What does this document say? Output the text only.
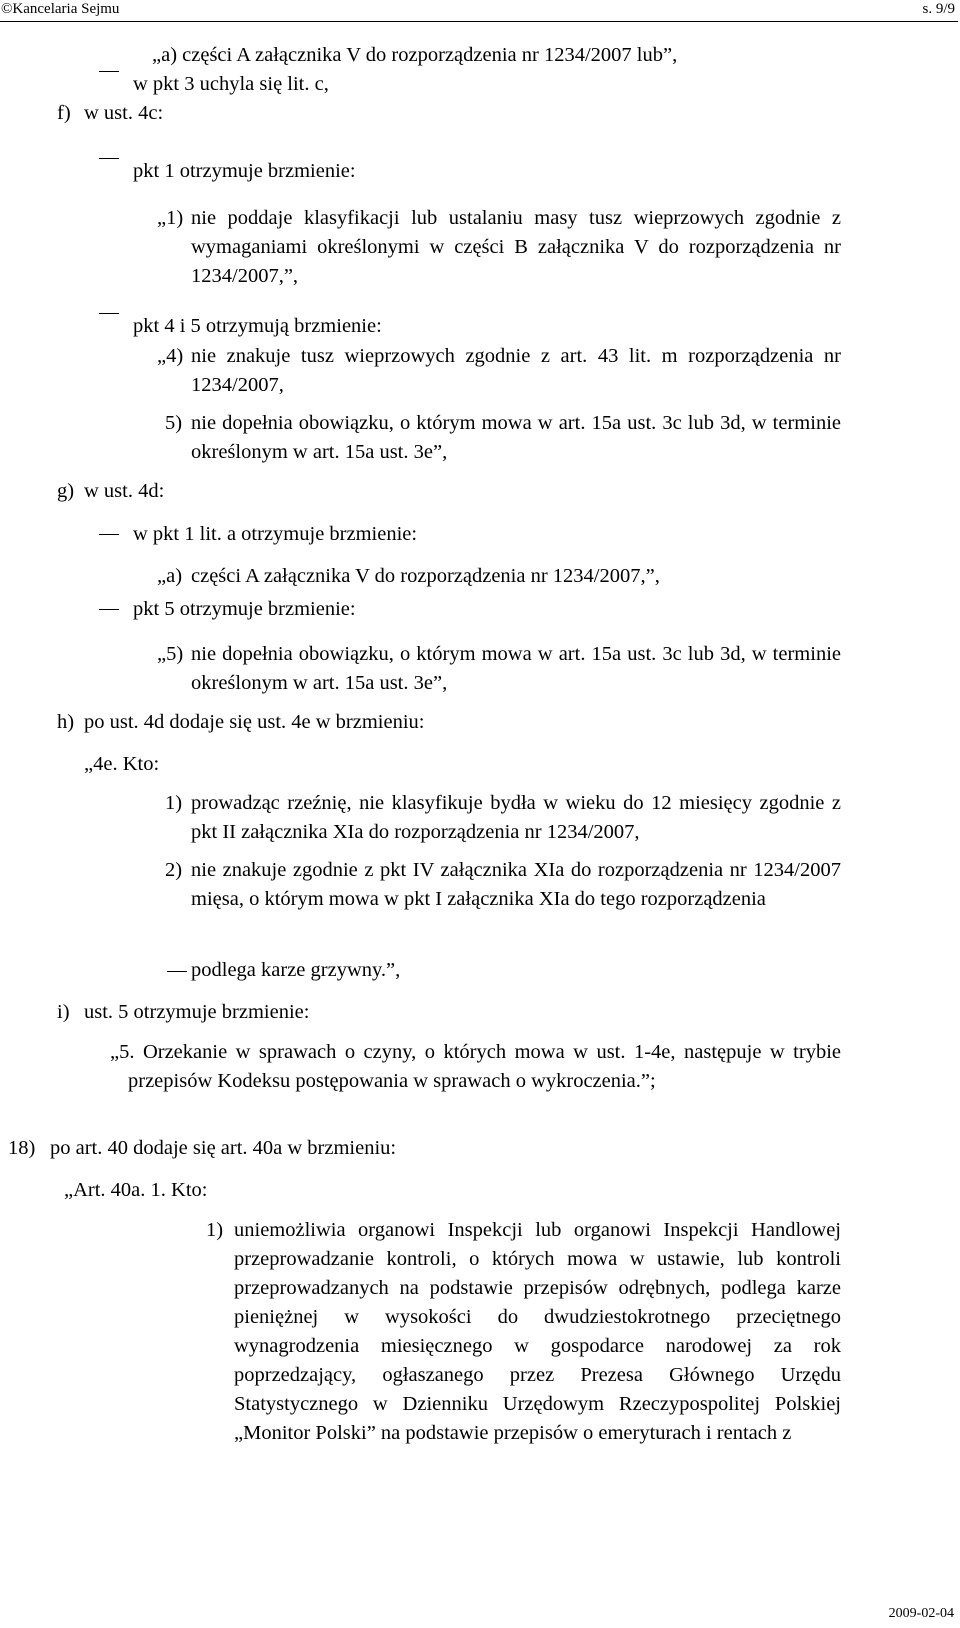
©Kancelaria Sejmu	s. 9/9
„a) części A załącznika V do rozporządzenia nr 1234/2007 lub”,
w pkt 3 uchyla się lit. c,
f) w ust. 4c:
pkt 1 otrzymuje brzmienie:
„1) nie poddaje klasyfikacji lub ustalaniu masy tusz wieprzowych zgodnie z wymaganiami określonymi w części B załącznika V do rozporządzenia nr 1234/2007,”,
pkt 4 i 5 otrzymują brzmienie:
„4) nie znakuje tusz wieprzowych zgodnie z art. 43 lit. m rozporządzenia nr 1234/2007,
5) nie dopełnia obowiązku, o którym mowa w art. 15a ust. 3c lub 3d, w terminie określonym w art. 15a ust. 3e”,
g) w ust. 4d:
w pkt 1 lit. a otrzymuje brzmienie:
„a) części A załącznika V do rozporządzenia nr 1234/2007,”,
pkt 5 otrzymuje brzmienie:
„5) nie dopełnia obowiązku, o którym mowa w art. 15a ust. 3c lub 3d, w terminie określonym w art. 15a ust. 3e”,
h) po ust. 4d dodaje się ust. 4e w brzmieniu:
„4e. Kto:
1) prowadząc rzeźnię, nie klasyfikuje bydła w wieku do 12 miesięcy zgodnie z pkt II załącznika XIa do rozporządzenia nr 1234/2007,
2) nie znakuje zgodnie z pkt IV załącznika XIa do rozporządzenia nr 1234/2007 mięsa, o którym mowa w pkt I załącznika XIa do tego rozporządzenia
podlega karze grzywny.”,
i) ust. 5 otrzymuje brzmienie:
„5. Orzekanie w sprawach o czyny, o których mowa w ust. 1-4e, następuje w trybie przepisów Kodeksu postępowania w sprawach o wykroczenia.”;
18) po art. 40 dodaje się art. 40a w brzmieniu:
„Art. 40a. 1. Kto:
1) uniemożliwia organowi Inspekcji lub organowi Inspekcji Handlowej przeprowadzanie kontroli, o których mowa w ustawie, lub kontroli przeprowadzanych na podstawie przepisów odrębnych, podlega karze pieniężnej w wysokości do dwudziestokrotnego przeciętnego wynagrodzenia miesięcznego w gospodarce narodowej za rok poprzedzający, ogłaszanego przez Prezesa Głównego Urzędu Statystycznego w Dzienniku Urzędowym Rzeczypospolitej Polskiej „Monitor Polski” na podstawie przepisów o emeryturach i rentach z
2009-02-04
